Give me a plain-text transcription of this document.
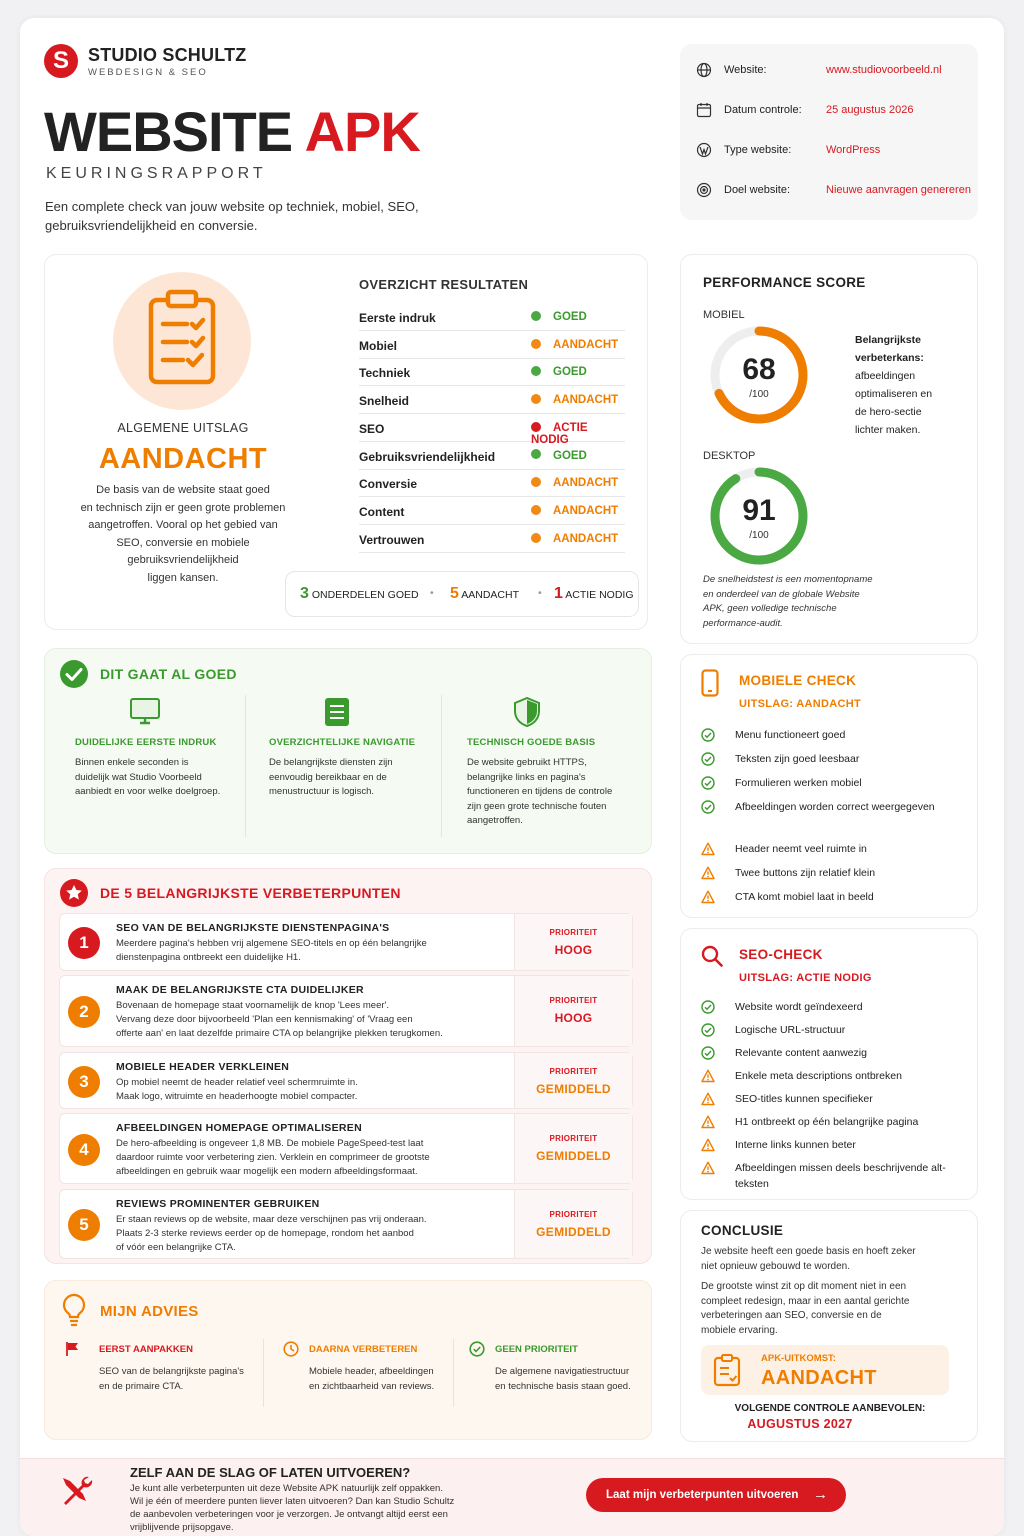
S	STUDIO SCHULTZ
WEBDESIGN & SEO
WEBSITE APK
KEURINGSRAPPORT
Een complete check van jouw website op techniek, mobiel, SEO,
gebruiksvriendelijkheid en conversie.
Website:	www.studiovoorbeeld.nl
Datum controle: 25 augustus 2026
Type website:	WordPress
Doel website:	Nieuwe aanvragen genereren
ALGEMENE UITSLAG
AANDACHT
De basis van de website staat goed
en technisch zijn er geen grote problemen
aangetroffen. Vooral op het gebied van
SEO, conversie en mobiele
gebruiksvriendelijkheid
liggen kansen.
OVERZICHT RESULTATEN
Eerste indruk	GOED
Mobiel	AANDACHT
Techniek	GOED
Snelheid	AANDACHT
SEO	ACTIE NODIG
Gebruiksvriendelijkheid	GOED
Conversie	AANDACHT
Content	AANDACHT
Vertrouwen	AANDACHT
3 ONDERDELEN GOED • 5 AANDACHT • 1 ACTIE NODIG
PERFORMANCE SCORE
MOBIEL
68
/100
Belangrijkste
verbeterkans:
afbeeldingen
optimaliseren en
de hero-sectie
lichter maken.
DESKTOP
91
/100
De snelheidstest is een momentopname
en onderdeel van de globale Website
APK, geen volledige technische
performance-audit.
DIT GAAT AL GOED
DUIDELIJKE EERSTE INDRUK
Binnen enkele seconden is
duidelijk wat Studio Voorbeeld
aanbiedt en voor welke doelgroep.
OVERZICHTELIJKE NAVIGATIE
De belangrijkste diensten zijn
eenvoudig bereikbaar en de
menustructuur is logisch.
TECHNISCH GOEDE BASIS
De website gebruikt HTTPS,
belangrijke links en pagina's
functioneren en tijdens de controle
zijn geen grote technische fouten
aangetroffen.
DE 5 BELANGRIJKSTE VERBETERPUNTEN
1
SEO VAN DE BELANGRIJKSTE DIENSTENPAGINA'S
Meerdere pagina's hebben vrij algemene SEO-titels en op één belangrijke
dienstenpagina ontbreekt een duidelijke H1.
PRIORITEIT
HOOG
2
MAAK DE BELANGRIJKSTE CTA DUIDELIJKER
Bovenaan de homepage staat voornamelijk de knop 'Lees meer'.
Vervang deze door bijvoorbeeld 'Plan een kennismaking' of 'Vraag een
offerte aan' en laat dezelfde primaire CTA op belangrijke plekken terugkomen.
PRIORITEIT
HOOG
3
MOBIELE HEADER VERKLEINEN
Op mobiel neemt de header relatief veel schermruimte in.
Maak logo, witruimte en headerhoogte mobiel compacter.
PRIORITEIT
GEMIDDELD
4
AFBEELDINGEN HOMEPAGE OPTIMALISEREN
De hero-afbeelding is ongeveer 1,8 MB. De mobiele PageSpeed-test laat
daardoor ruimte voor verbetering zien. Verklein en comprimeer de grootste
afbeeldingen en gebruik waar mogelijk een modern afbeeldingsformaat.
PRIORITEIT
GEMIDDELD
5
REVIEWS PROMINENTER GEBRUIKEN
Er staan reviews op de website, maar deze verschijnen pas vrij onderaan.
Plaats 2-3 sterke reviews eerder op de homepage, rondom het aanbod
of vóór een belangrijke CTA.
PRIORITEIT
GEMIDDELD
MIJN ADVIES
EERST AANPAKKEN
SEO van de belangrijkste pagina's
en de primaire CTA.
DAARNA VERBETEREN
Mobiele header, afbeeldingen
en zichtbaarheid van reviews.
GEEN PRIORITEIT
De algemene navigatiestructuur
en technische basis staan goed.
MOBIELE CHECK
UITSLAG: AANDACHT
Menu functioneert goed
Teksten zijn goed leesbaar
Formulieren werken mobiel
Afbeeldingen worden correct weergegeven
Header neemt veel ruimte in
Twee buttons zijn relatief klein
CTA komt mobiel laat in beeld
SEO-CHECK
UITSLAG: ACTIE NODIG
Website wordt geïndexeerd
Logische URL-structuur
Relevante content aanwezig
Enkele meta descriptions ontbreken
SEO-titles kunnen specifieker
H1 ontbreekt op één belangrijke pagina
Interne links kunnen beter
Afbeeldingen missen deels beschrijvende alt-teksten
CONCLUSIE
Je website heeft een goede basis en hoeft zeker
niet opnieuw gebouwd te worden.
De grootste winst zit op dit moment niet in een
compleet redesign, maar in een aantal gerichte
verbeteringen aan SEO, conversie en de
mobiele ervaring.
APK-UITKOMST:
AANDACHT
VOLGENDE CONTROLE AANBEVOLEN:
AUGUSTUS 2027
ZELF AAN DE SLAG OF LATEN UITVOEREN?
Je kunt alle verbeterpunten uit deze Website APK natuurlijk zelf oppakken.
Wil je één of meerdere punten liever laten uitvoeren? Dan kan Studio Schultz
de aanbevolen verbeteringen voor je verzorgen. Je ontvangt altijd eerst een
vrijblijvende prijsopgave.
Laat mijn verbeterpunten uitvoeren →
